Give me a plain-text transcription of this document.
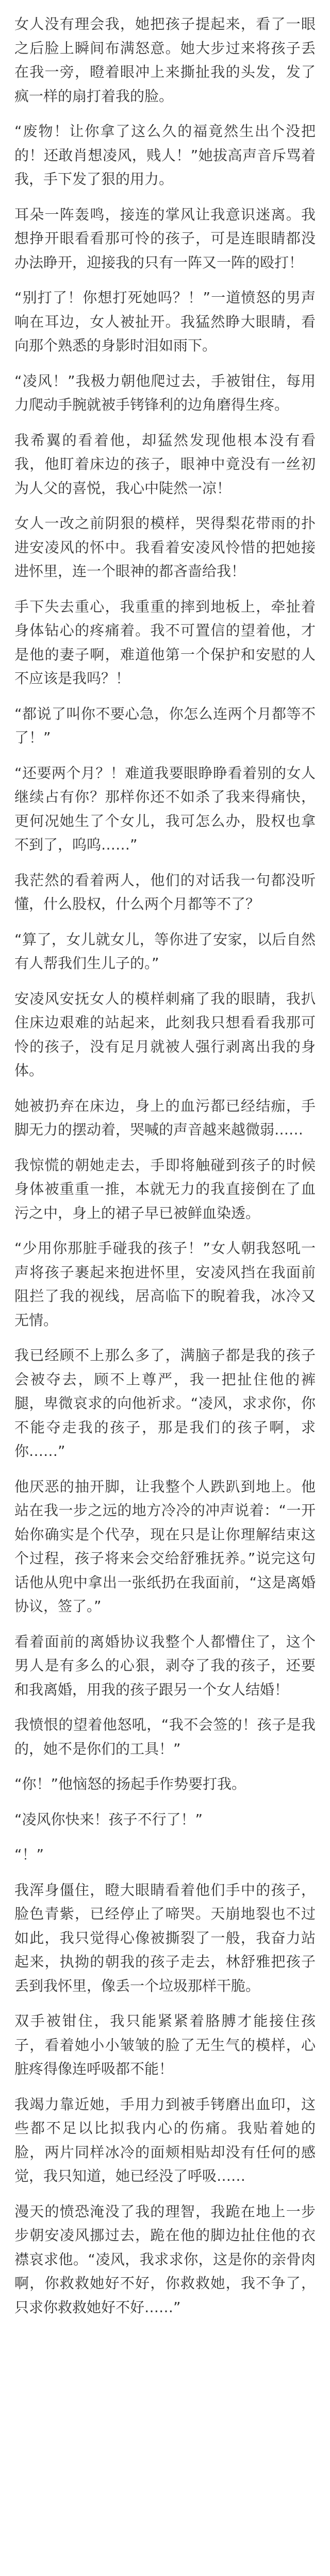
女人没有理会我，她把孩子提起来，看了一眼之后脸上瞬间布满怒意。她大步过来将孩子丢在我一旁，瞪着眼冲上来撕扯我的头发，发了疯一样的扇打着我的脸。

“废物！让你拿了这么久的福竟然生出个没把的！还敢肖想凌风，贱人！”她拔高声音斥骂着我，手下发了狠的用力。

耳朵一阵轰鸣，接连的掌风让我意识迷离。我想挣开眼看看那可怜的孩子，可是连眼睛都没办法睁开，迎接我的只有一阵又一阵的殴打！

“别打了！你想打死她吗？！”一道愤怒的男声响在耳边，女人被扯开。我猛然睁大眼睛，看向那个熟悉的身影时泪如雨下。

“凌风！”我极力朝他爬过去，手被钳住，每用力爬动手腕就被手铐锋利的边角磨得生疼。

我希翼的看着他，却猛然发现他根本没有看我，他盯着床边的孩子，眼神中竟没有一丝初为人父的喜悦，我心中陡然一凉！

女人一改之前阴狠的模样，哭得梨花带雨的扑进安凌风的怀中。我看着安凌风怜惜的把她接进怀里，连一个眼神的都吝啬给我！

手下失去重心，我重重的摔到地板上，牵扯着身体钻心的疼痛着。我不可置信的望着他，才是他的妻子啊，难道他第一个保护和安慰的人不应该是我吗？！

“都说了叫你不要心急，你怎么连两个月都等不了！”

“还要两个月？！难道我要眼睁睁看着别的女人继续占有你？那样你还不如杀了我来得痛快，更何况她生了个女儿，我可怎么办，股权也拿不到了，呜呜……”

我茫然的看着两人，他们的对话我一句都没听懂，什么股权，什么两个月都等不了？

“算了，女儿就女儿，等你进了安家，以后自然有人帮我们生儿子的。”

安凌风安抚女人的模样刺痛了我的眼睛，我扒住床边艰难的站起来，此刻我只想看看我那可怜的孩子，没有足月就被人强行剥离出我的身体。

她被扔弃在床边，身上的血污都已经结痂，手脚无力的摆动着，哭喊的声音越来越微弱……

我惊慌的朝她走去，手即将触碰到孩子的时候身体被重重一推，本就无力的我直接倒在了血污之中，身上的裙子早已被鲜血染透。

“少用你那脏手碰我的孩子！”女人朝我怒吼一声将孩子裹起来抱进怀里，安凌风挡在我面前阻拦了我的视线，居高临下的睨着我，冰冷又无情。

我已经顾不上那么多了，满脑子都是我的孩子会被夺去，顾不上尊严，我一把扯住他的裤腿，卑微哀求的向他祈求。“凌风，求求你，你不能夺走我的孩子，那是我们的孩子啊，求你……”

他厌恶的抽开脚，让我整个人跌趴到地上。他站在我一步之远的地方冷冷的冲声说着：“一开始你确实是个代孕，现在只是让你理解结束这个过程，孩子将来会交给舒雅抚养。”说完这句话他从兜中拿出一张纸扔在我面前，“这是离婚协议，签了。”

看着面前的离婚协议我整个人都懵住了，这个男人是有多么的心狠，剥夺了我的孩子，还要和我离婚，用我的孩子跟另一个女人结婚！

我愤恨的望着他怒吼，“我不会签的！孩子是我的，她不是你们的工具！”

“你！”他恼怒的扬起手作势要打我。

“凌风你快来！孩子不行了！”

“！”

我浑身僵住，瞪大眼睛看着他们手中的孩子，脸色青紫，已经停止了啼哭。天崩地裂也不过如此，我只觉得心像被撕裂了一般，我奋力站起来，执拗的朝我的孩子走去，林舒雅把孩子丢到我怀里，像丢一个垃圾那样干脆。

双手被钳住，我只能紧紧着胳膊才能接住孩子，看着她小小皱皱的脸了无生气的模样，心脏疼得像连呼吸都不能！

我竭力靠近她，手用力到被手铐磨出血印，这些都不足以比拟我内心的伤痛。我贴着她的脸，两片同样冰冷的面颊相贴却没有任何的感觉，我只知道，她已经没了呼吸……

漫天的愤恐淹没了我的理智，我跪在地上一步步朝安凌风挪过去，跪在他的脚边扯住他的衣襟哀求他。“凌风，我求求你，这是你的亲骨肉啊，你救救她好不好，你救救她，我不争了，只求你救救她好不好……”
